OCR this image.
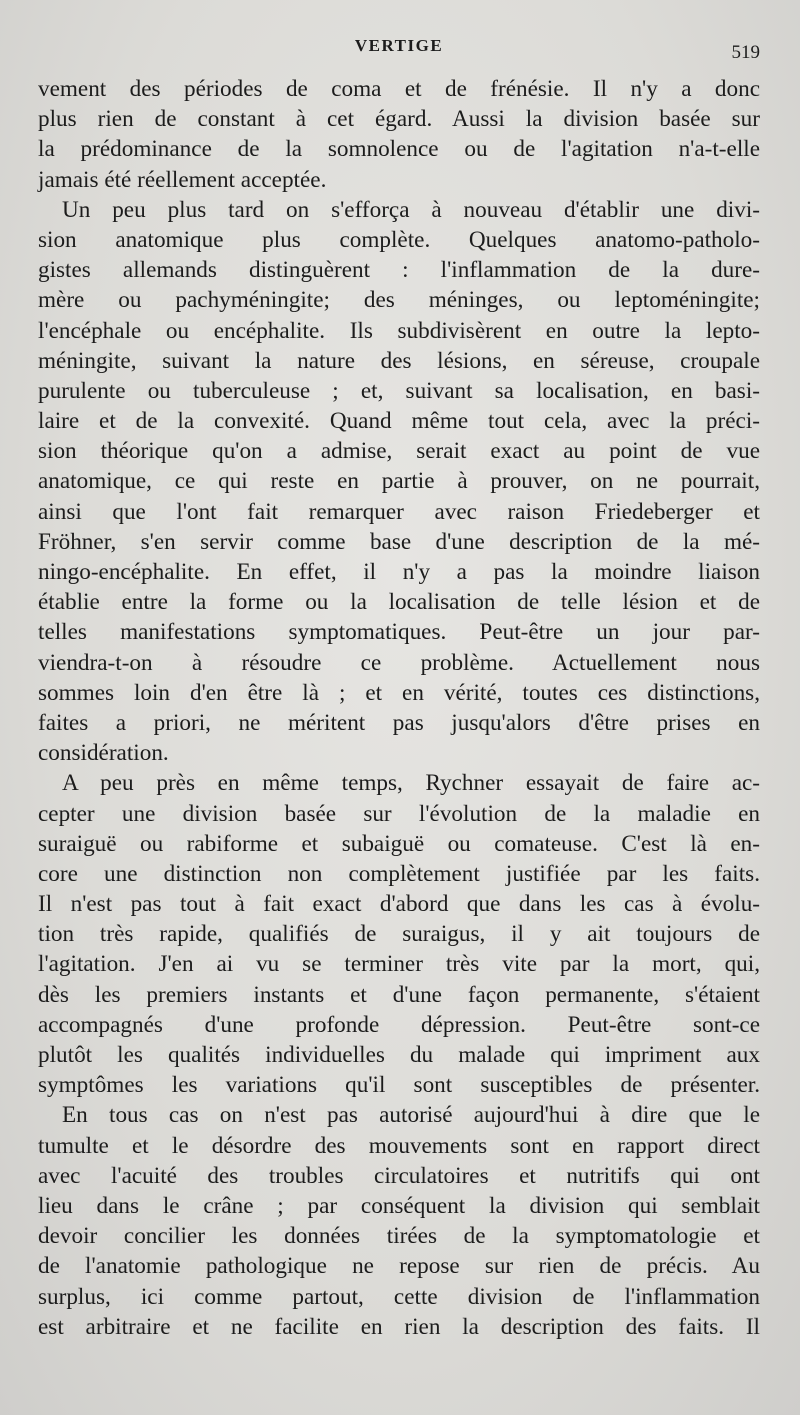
VERTIGE	519

vement des périodes de coma et de frénésie. Il n'y a donc
plus rien de constant à cet égard. Aussi la division basée sur
la prédominance de la somnolence ou de l'agitation n'a-t-elle
jamais été réellement acceptée.

Un peu plus tard on s'efforça à nouveau d'établir une divi-
sion anatomique plus complète. Quelques anatomo-patholo-
gistes allemands distinguèrent : l'inflammation de la dure-
mère ou pachyméningite; des méninges, ou leptoméningite;
l'encéphale ou encéphalite. Ils subdivisèrent en outre la lepto-
méningite, suivant la nature des lésions, en séreuse, croupale
purulente ou tuberculeuse ; et, suivant sa localisation, en basi-
laire et de la convexité. Quand même tout cela, avec la préci-
sion théorique qu'on a admise, serait exact au point de vue
anatomique, ce qui reste en partie à prouver, on ne pourrait,
ainsi que l'ont fait remarquer avec raison Friedeberger et
Fröhner, s'en servir comme base d'une description de la mé-
ningo-encéphalite. En effet, il n'y a pas la moindre liaison
établie entre la forme ou la localisation de telle lésion et de
telles manifestations symptomatiques. Peut-être un jour par-
viendra-t-on à résoudre ce problème. Actuellement nous
sommes loin d'en être là ; et en vérité, toutes ces distinctions,
faites a priori, ne méritent pas jusqu'alors d'être prises en
considération.

A peu près en même temps, Rychner essayait de faire ac-
cepter une division basée sur l'évolution de la maladie en
suraiguë ou rabiforme et subaiguë ou comateuse. C'est là en-
core une distinction non complètement justifiée par les faits.
Il n'est pas tout à fait exact d'abord que dans les cas à évolu-
tion très rapide, qualifiés de suraigus, il y ait toujours de
l'agitation. J'en ai vu se terminer très vite par la mort, qui,
dès les premiers instants et d'une façon permanente, s'étaient
accompagnés d'une profonde dépression. Peut-être sont-ce
plutôt les qualités individuelles du malade qui impriment aux
symptômes les variations qu'il sont susceptibles de présenter.

En tous cas on n'est pas autorisé aujourd'hui à dire que le
tumulte et le désordre des mouvements sont en rapport direct
avec l'acuité des troubles circulatoires et nutritifs qui ont
lieu dans le crâne ; par conséquent la division qui semblait
devoir concilier les données tirées de la symptomatologie et
de l'anatomie pathologique ne repose sur rien de précis. Au
surplus, ici comme partout, cette division de l'inflammation
est arbitraire et ne facilite en rien la description des faits. Il
